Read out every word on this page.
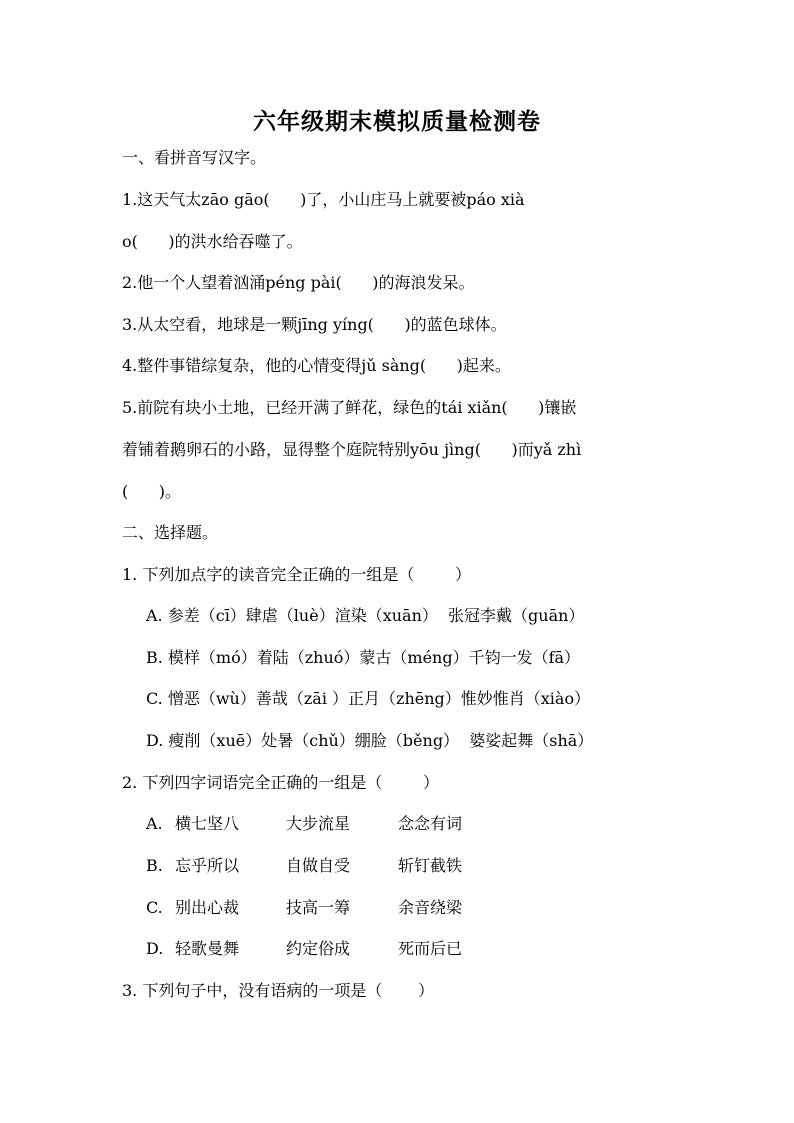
六年级期末模拟质量检测卷
一、看拼音写汉字。
1.这天气太zāo gāo(      )了，小山庄马上就要被páo xià
o(      )的洪水给吞噬了。
2.他一个人望着汹涌péng pài(      )的海浪发呆。
3.从太空看，地球是一颗jīng yíng(      )的蓝色球体。
4.整件事错综复杂，他的心情变得jǔ sàng(      )起来。
5.前院有块小土地，已经开满了鲜花，绿色的tái xiǎn(      )镶嵌
着铺着鹅卵石的小路，显得整个庭院特别yōu jìng(      )而yǎ zhì
(      )。
二、选择题。
1. 下列加点字的读音完全正确的一组是（        ）
A. 参差（cī）肆虐（luè）渲染（xuān）  张冠李戴（guān）
B. 模样（mó）着陆（zhuó）蒙古（méng）千钧一发（fā）
C. 憎恶（wù）善哉（zāi ）正月（zhēng）惟妙惟肖（xiào）
D. 瘦削（xuē）处暑（chǔ）绷脸（běng）  婆娑起舞（shā）
2. 下列四字词语完全正确的一组是（        ）
A. 横七坚八	大步流星	念念有词
B. 忘乎所以	自做自受	斩钉截铁
C. 别出心裁	技高一筹	余音绕梁
D. 轻歌曼舞	约定俗成	死而后已
3. 下列句子中，没有语病的一项是（       ）
